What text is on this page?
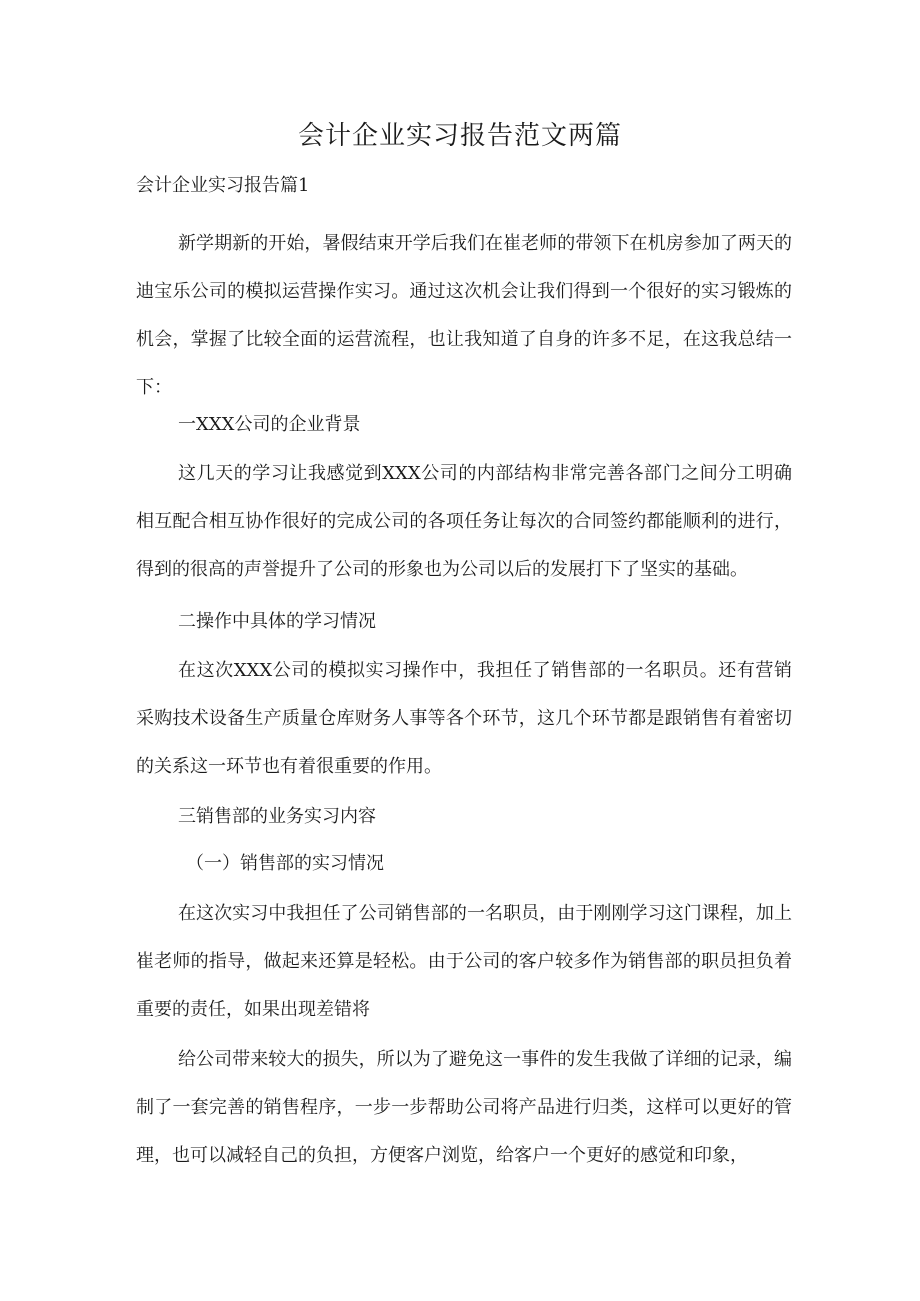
会计企业实习报告范文两篇
会计企业实习报告篇1

新学期新的开始，暑假结束开学后我们在崔老师的带领下在机房参加了两天的迪宝乐公司的模拟运营操作实习。通过这次机会让我们得到一个很好的实习锻炼的机会，掌握了比较全面的运营流程，也让我知道了自身的许多不足，在这我总结一下：

一XXX公司的企业背景

这几天的学习让我感觉到XXX公司的内部结构非常完善各部门之间分工明确相互配合相互协作很好的完成公司的各项任务让每次的合同签约都能顺利的进行，得到的很高的声誉提升了公司的形象也为公司以后的发展打下了坚实的基础。

二操作中具体的学习情况

在这次XXX公司的模拟实习操作中，我担任了销售部的一名职员。还有营销采购技术设备生产质量仓库财务人事等各个环节，这几个环节都是跟销售有着密切的关系这一环节也有着很重要的作用。

三销售部的业务实习内容
（一）销售部的实习情况

在这次实习中我担任了公司销售部的一名职员，由于刚刚学习这门课程，加上崔老师的指导，做起来还算是轻松。由于公司的客户较多作为销售部的职员担负着重要的责任，如果出现差错将

给公司带来较大的损失，所以为了避免这一事件的发生我做了详细的记录，编制了一套完善的销售程序，一步一步帮助公司将产品进行归类，这样可以更好的管理，也可以减轻自己的负担，方便客户浏览，给客户一个更好的感觉和印象，
